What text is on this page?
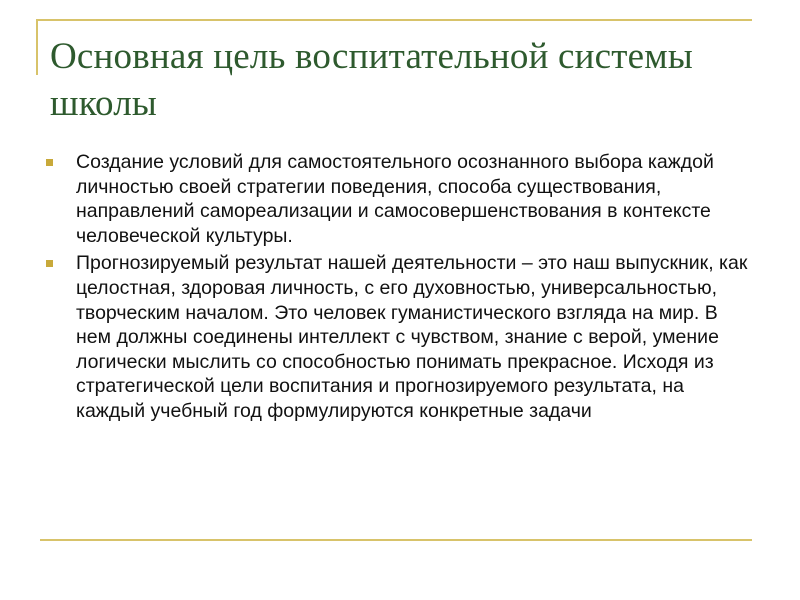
Основная цель воспитательной системы школы
Создание условий для самостоятельного осознанного выбора каждой личностью своей стратегии поведения, способа существования, направлений самореализации и самосовершенствования в контексте человеческой культуры.
Прогнозируемый результат нашей деятельности – это наш выпускник, как целостная, здоровая личность, с его духовностью, универсальностью, творческим началом. Это человек гуманистического взгляда на мир. В нем должны соединены интеллект с чувством, знание с верой, умение логически мыслить со способностью понимать прекрасное. Исходя из стратегической цели воспитания и прогнозируемого результата, на каждый учебный год формулируются конкретные задачи
